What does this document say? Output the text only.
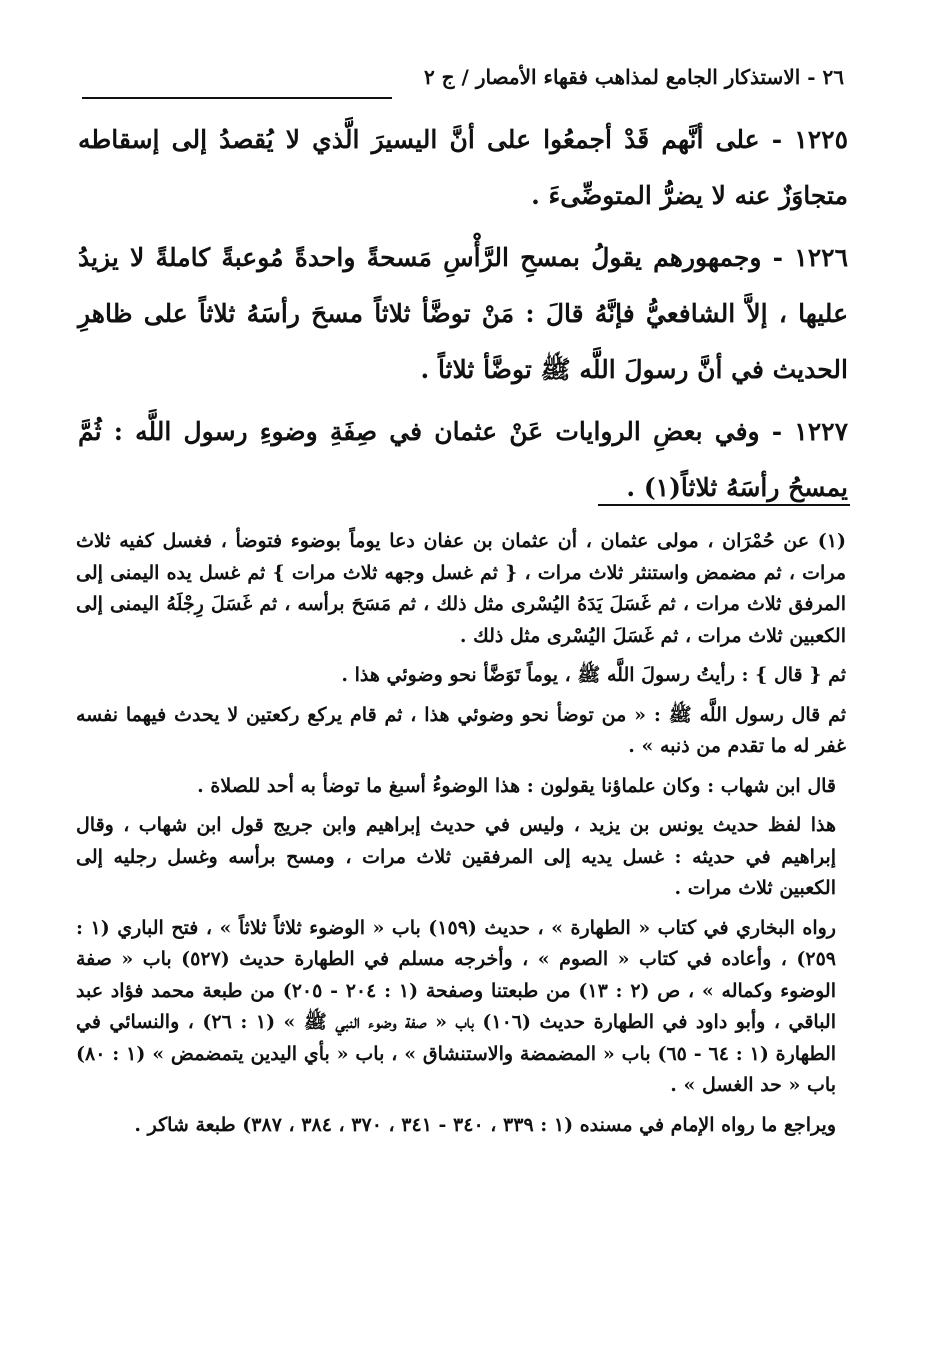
٢٦ - الاستذكار الجامع لمذاهب فقهاء الأمصار / ج ٢

١٢٢٥ - على أنَّهم قَدْ أجمعُوا على أنَّ اليسيرَ الَّذي لا يُقصدُ إلى إسقاطه متجاوَزٌ عنه لا يضرُّ المتوضِّىءَ .

١٢٢٦ - وجمهورهم يقولُ بمسحِ الرَّأْسِ مَسحةً واحدةً مُوعبةً كاملةً لا يزيدُ عليها ، إلاَّ الشافعيُّ فإنَّهُ قالَ : مَنْ توضَّأ ثلاثاً مسحَ رأسَهُ ثلاثاً على ظاهرِ الحديث في أنَّ رسولَ اللَّه ﷺ توضَّأ ثلاثاً .

١٢٢٧ - وفي بعضِ الروايات عَنْ عثمان في صِفَةِ وضوءِ رسول اللَّه : ثُمَّ يمسحُ رأسَهُ ثلاثاً(١) .

(١) عن حُمْرَان ، مولى عثمان ، أن عثمان بن عفان دعا يوماً بوضوء فتوضأ ، فغسل كفيه ثلاث مرات ، ثم مضمض واستنثر ثلاث مرات ، { ثم غسل وجهه ثلاث مرات } ثم غسل يده اليمنى إلى المرفق ثلاث مرات ، ثم غَسَلَ يَدَهُ اليُسْرى مثل ذلك ، ثم مَسَحَ برأسه ، ثم غَسَلَ رِجْلَهُ اليمنى إلى الكعبين ثلاث مرات ، ثم غَسَلَ اليُسْرى مثل ذلك .

ثم { قال } : رأيتُ رسولَ اللَّه ﷺ ، يوماً تَوَضَّأ نحو وضوئي هذا .

ثم قال رسول اللَّه ﷺ : « من توضأ نحو وضوئي هذا ، ثم قام يركع ركعتين لا يحدث فيهما نفسه غفر له ما تقدم من ذنبه » .

قال ابن شهاب : وكان علماؤنا يقولون : هذا الوضوءُ أسبغ ما توضأ به أحد للصلاة .

هذا لفظ حديث يونس بن يزيد ، وليس في حديث إبراهيم وابن جريج قول ابن شهاب ، وقال إبراهيم في حديثه : غسل يديه إلى المرفقين ثلاث مرات ، ومسح برأسه وغسل رجليه إلى الكعبين ثلاث مرات .

رواه البخاري في كتاب « الطهارة » ، حديث (١٥٩) باب « الوضوء ثلاثاً ثلاثاً » ، فتح الباري (١ : ٢٥٩) ، وأعاده في كتاب « الصوم » ، وأخرجه مسلم في الطهارة حديث (٥٢٧) باب « صفة الوضوء وكماله » ، ص (٢ : ١٣) من طبعتنا وصفحة (١ : ٢٠٤ - ٢٠٥) من طبعة محمد فؤاد عبد الباقي ، وأبو داود في الطهارة حديث (١٠٦) باب « صفة وضوء النبي ﷺ » (١ : ٢٦) ، والنسائي في الطهارة (١ : ٦٤ - ٦٥) باب « المضمضة والاستنشاق » ، باب « بأي اليدين يتمضمض » (١ : ٨٠) باب « حد الغسل » .

ويراجع ما رواه الإمام في مسنده (١ : ٣٣٩ ، ٣٤٠ - ٣٤١ ، ٣٧٠ ، ٣٨٤ ، ٣٨٧) طبعة شاكر .
